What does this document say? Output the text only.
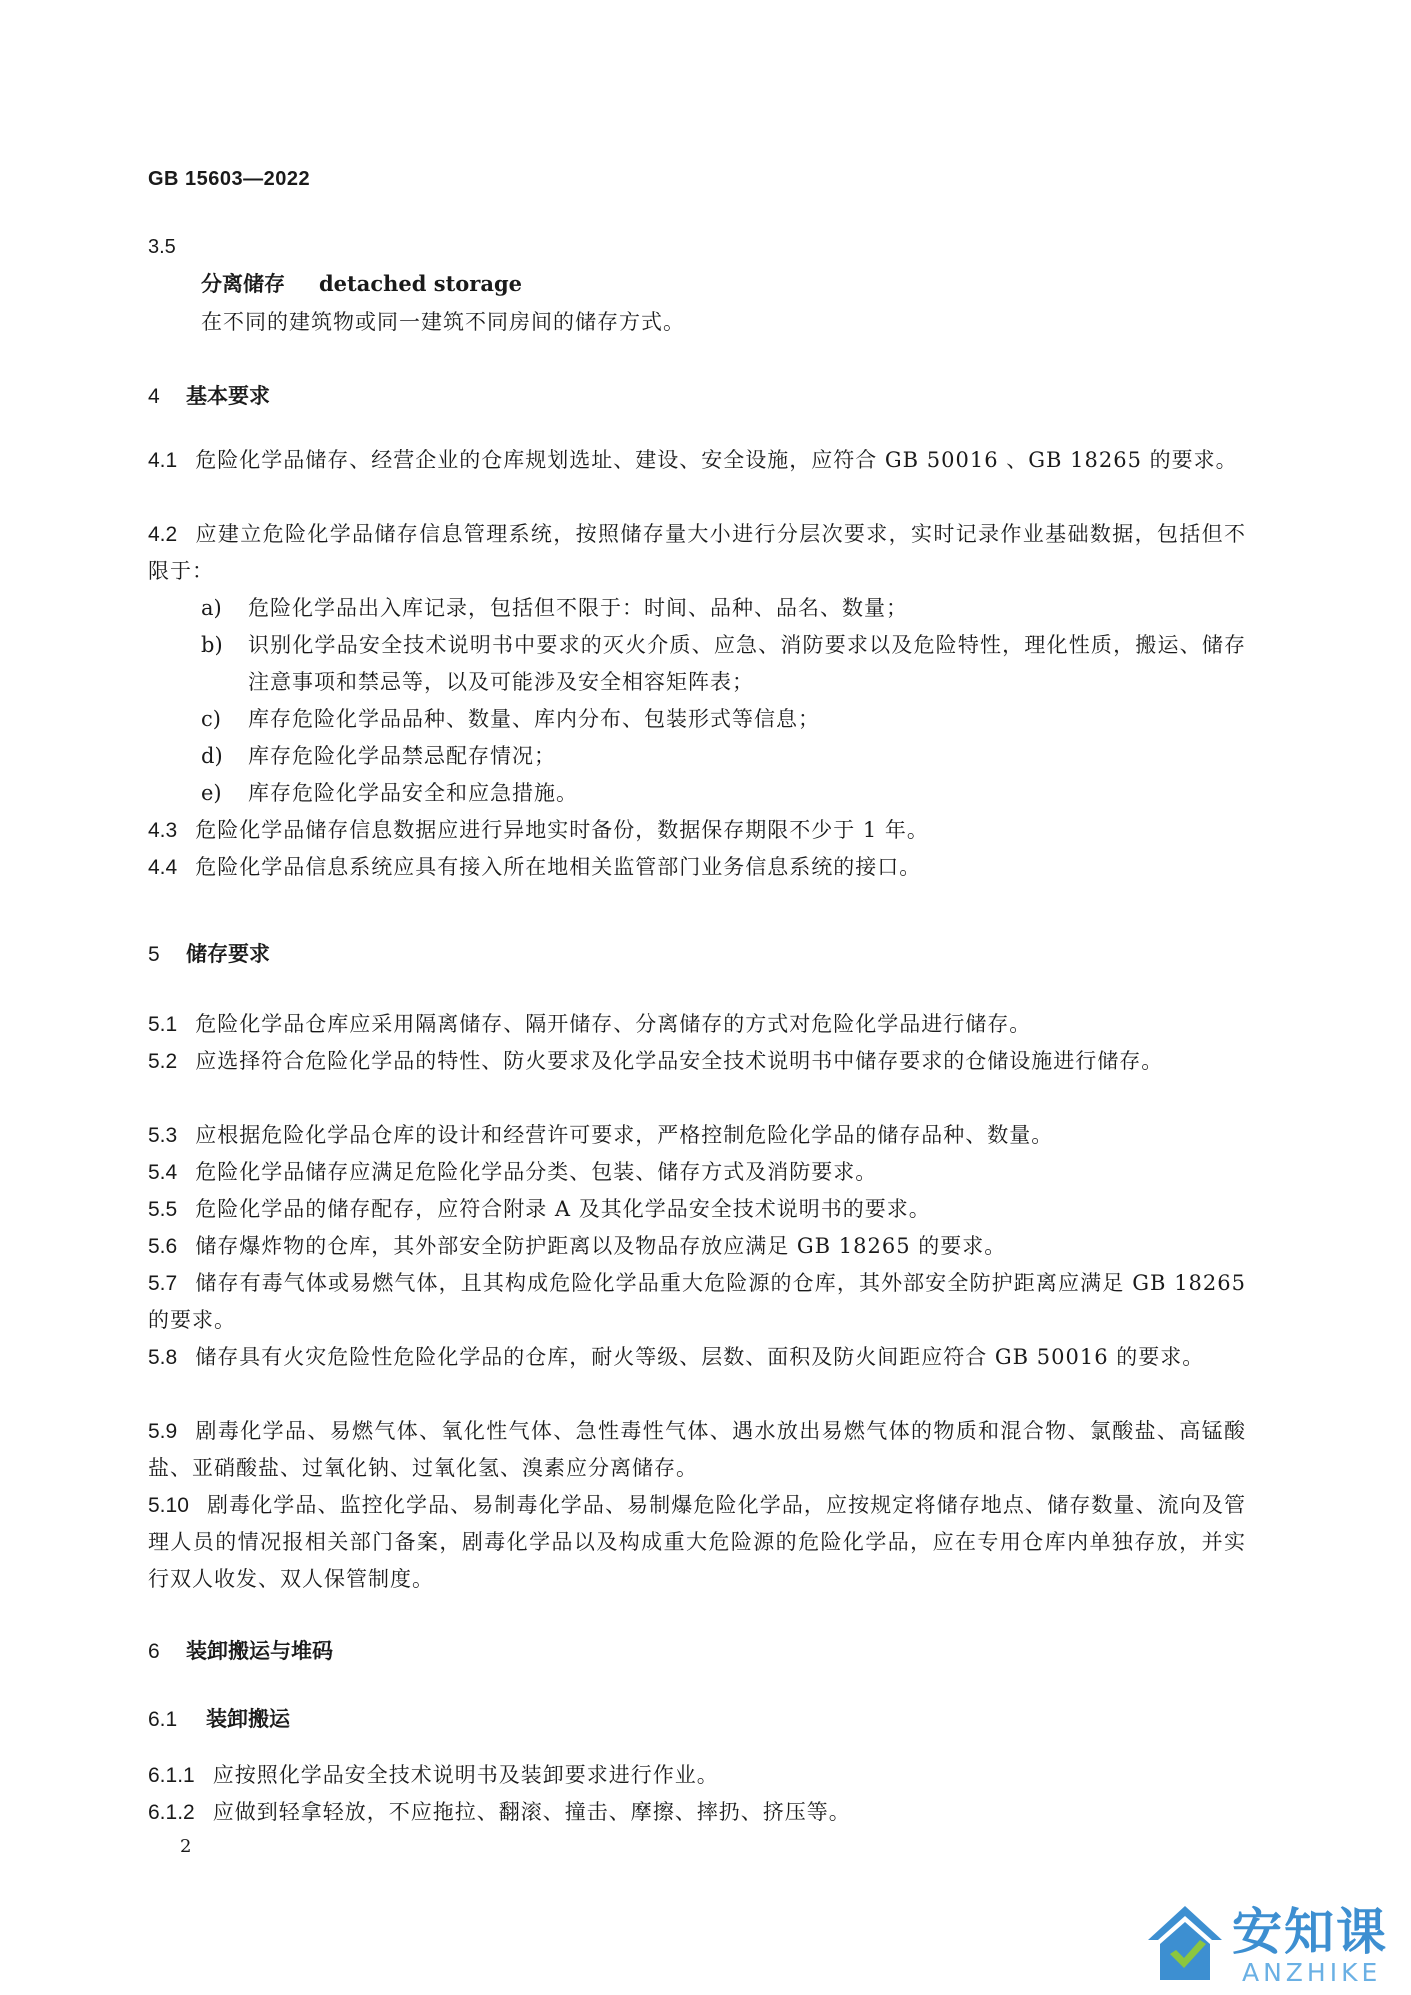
GB 15603—2022
3.5
分离储存 detached storage
在不同的建筑物或同一建筑不同房间的储存方式。
4 基本要求
4.1 危险化学品储存、经营企业的仓库规划选址、建设、安全设施，应符合 GB 50016 、GB 18265 的要求。
4.2 应建立危险化学品储存信息管理系统，按照储存量大小进行分层次要求，实时记录作业基础数据，包括但不限于：
a) 危险化学品出入库记录，包括但不限于：时间、品种、品名、数量；
b) 识别化学品安全技术说明书中要求的灭火介质、应急、消防要求以及危险特性，理化性质，搬运、储存注意事项和禁忌等，以及可能涉及安全相容矩阵表；
c) 库存危险化学品品种、数量、库内分布、包装形式等信息；
d) 库存危险化学品禁忌配存情况；
e) 库存危险化学品安全和应急措施。
4.3 危险化学品储存信息数据应进行异地实时备份，数据保存期限不少于 1 年。
4.4 危险化学品信息系统应具有接入所在地相关监管部门业务信息系统的接口。
5 储存要求
5.1 危险化学品仓库应采用隔离储存、隔开储存、分离储存的方式对危险化学品进行储存。
5.2 应选择符合危险化学品的特性、防火要求及化学品安全技术说明书中储存要求的仓储设施进行储存。
5.3 应根据危险化学品仓库的设计和经营许可要求，严格控制危险化学品的储存品种、数量。
5.4 危险化学品储存应满足危险化学品分类、包装、储存方式及消防要求。
5.5 危险化学品的储存配存，应符合附录 A 及其化学品安全技术说明书的要求。
5.6 储存爆炸物的仓库，其外部安全防护距离以及物品存放应满足 GB 18265 的要求。
5.7 储存有毒气体或易燃气体，且其构成危险化学品重大危险源的仓库，其外部安全防护距离应满足 GB 18265 的要求。
5.8 储存具有火灾危险性危险化学品的仓库，耐火等级、层数、面积及防火间距应符合 GB 50016 的要求。
5.9 剧毒化学品、易燃气体、氧化性气体、急性毒性气体、遇水放出易燃气体的物质和混合物、氯酸盐、高锰酸盐、亚硝酸盐、过氧化钠、过氧化氢、溴素应分离储存。
5.10 剧毒化学品、监控化学品、易制毒化学品、易制爆危险化学品，应按规定将储存地点、储存数量、流向及管理人员的情况报相关部门备案，剧毒化学品以及构成重大危险源的危险化学品，应在专用仓库内单独存放，并实行双人收发、双人保管制度。
6 装卸搬运与堆码
6.1 装卸搬运
6.1.1 应按照化学品安全技术说明书及装卸要求进行作业。
6.1.2 应做到轻拿轻放，不应拖拉、翻滚、撞击、摩擦、摔扔、挤压等。
2
安知课
ANZHIKE
